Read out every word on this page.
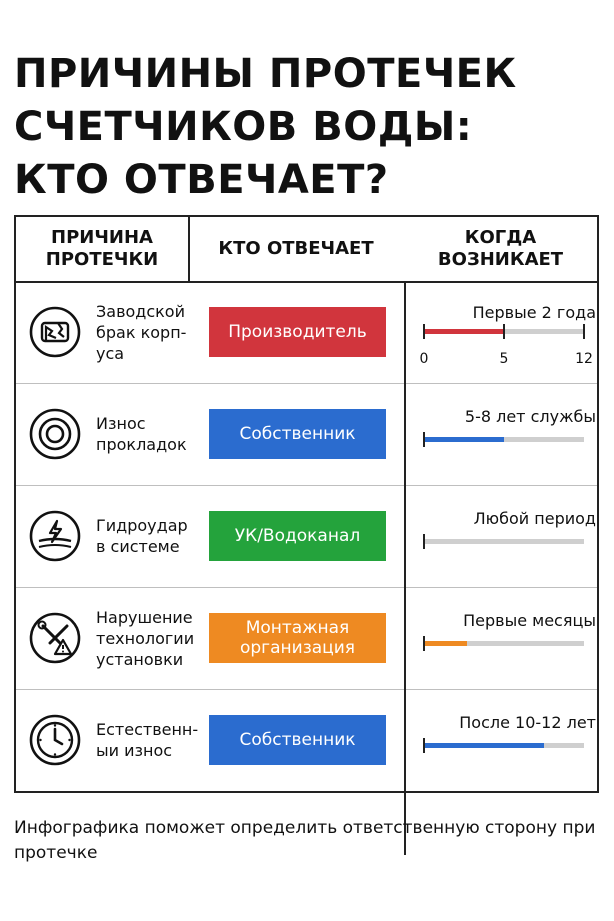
ПРИЧИНЫ ПРОТЕЧЕК
СЧЕТЧИКОВ ВОДЫ:
КТО ОТВЕЧАЕТ?
ПРИЧИНА
ПРОТЕЧКИ
КТО ОТВЕЧАЕТ
КОГДА
ВОЗНИКАЕТ
Заводской
брак корп-
уса
Производитель
Первые 2 года
0	5	12
Износ
прокладок
Собственник
5-8 лет службы
Гидроудар
в системе
УК/Водоканал
Любой период
Нарушение
технологии
установки
Монтажная
организация
Первые месяцы
Естественн-
ыи износ
Собственник
После 10-12 лет
Инфографика поможет определить ответственную сторону при протечке
